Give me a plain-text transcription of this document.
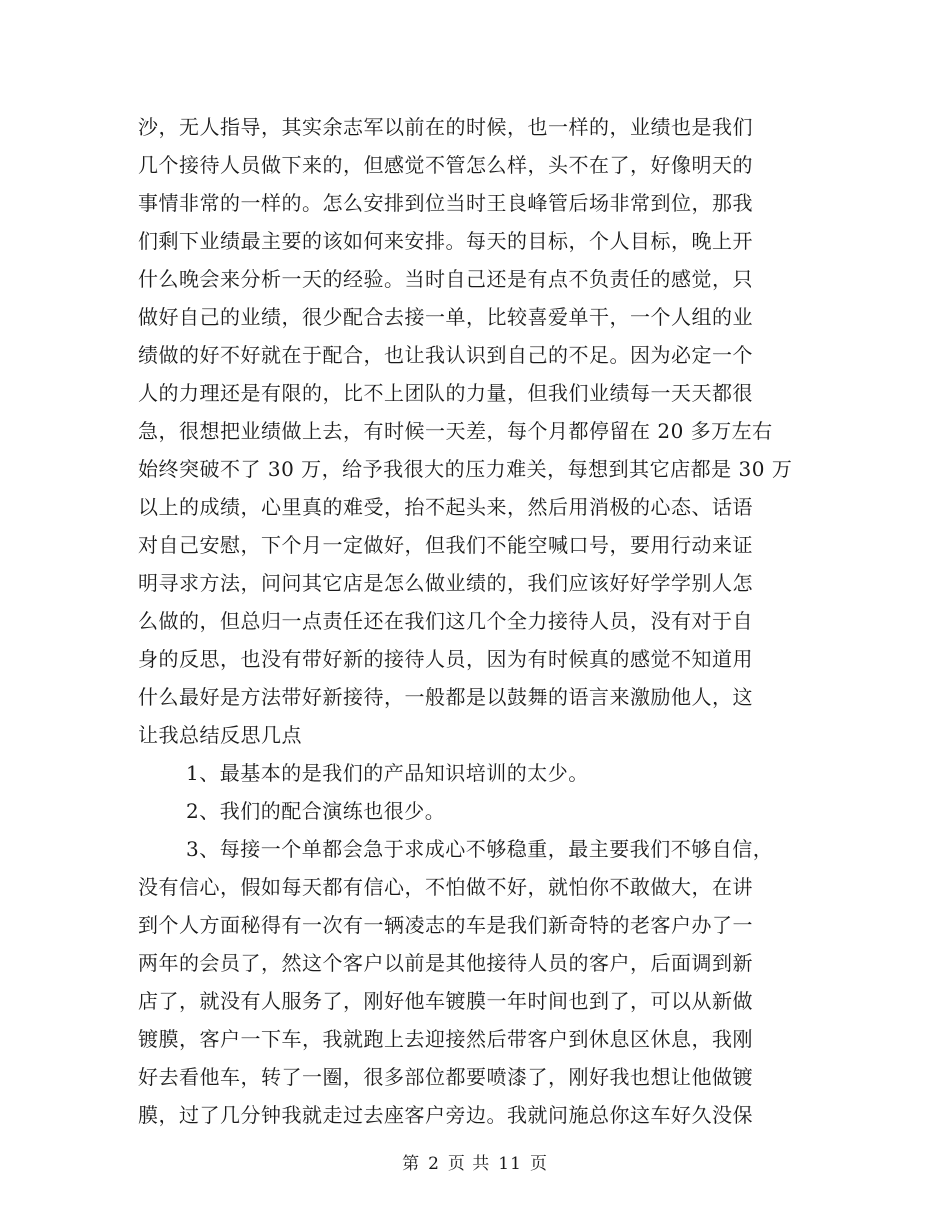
沙，无人指导，其实余志军以前在的时候，也一样的，业绩也是我们
几个接待人员做下来的，但感觉不管怎么样，头不在了，好像明天的
事情非常的一样的。怎么安排到位当时王良峰管后场非常到位，那我
们剩下业绩最主要的该如何来安排。每天的目标，个人目标，晚上开
什么晚会来分析一天的经验。当时自己还是有点不负责任的感觉，只
做好自己的业绩，很少配合去接一单，比较喜爱单干，一个人组的业
绩做的好不好就在于配合，也让我认识到自己的不足。因为必定一个
人的力理还是有限的，比不上团队的力量，但我们业绩每一天天都很
急，很想把业绩做上去，有时候一天差，每个月都停留在 20 多万左右
始终突破不了 30 万，给予我很大的压力难关，每想到其它店都是 30 万
以上的成绩，心里真的难受，抬不起头来，然后用消极的心态、话语
对自己安慰，下个月一定做好，但我们不能空喊口号，要用行动来证
明寻求方法，问问其它店是怎么做业绩的，我们应该好好学学别人怎
么做的，但总归一点责任还在我们这几个全力接待人员，没有对于自
身的反思，也没有带好新的接待人员，因为有时候真的感觉不知道用
什么最好是方法带好新接待，一般都是以鼓舞的语言来激励他人，这
让我总结反思几点
1、最基本的是我们的产品知识培训的太少。
2、我们的配合演练也很少。
3、每接一个单都会急于求成心不够稳重，最主要我们不够自信，
没有信心，假如每天都有信心，不怕做不好，就怕你不敢做大，在讲
到个人方面秘得有一次有一辆凌志的车是我们新奇特的老客户办了一
两年的会员了，然这个客户以前是其他接待人员的客户，后面调到新
店了，就没有人服务了，刚好他车镀膜一年时间也到了，可以从新做
镀膜，客户一下车，我就跑上去迎接然后带客户到休息区休息，我刚
好去看他车，转了一圈，很多部位都要喷漆了，刚好我也想让他做镀
膜，过了几分钟我就走过去座客户旁边。我就问施总你这车好久没保
第 2 页 共 11 页
